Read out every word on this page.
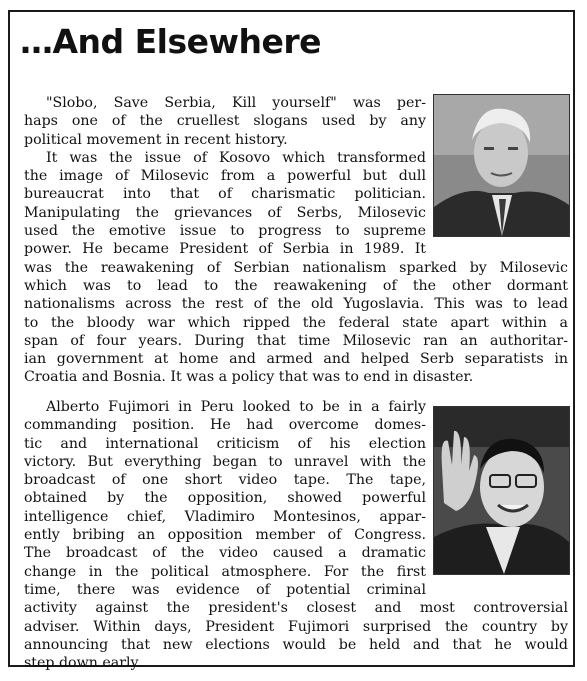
…And Elsewhere
"Slobo, Save Serbia, Kill yourself" was per-
haps one of the cruellest slogans used by any
political movement in recent history.
It was the issue of Kosovo which transformed
the image of Milosevic from a powerful but dull
bureaucrat into that of charismatic politician.
Manipulating the grievances of Serbs, Milosevic
used the emotive issue to progress to supreme
power. He became President of Serbia in 1989. It
was the reawakening of Serbian nationalism sparked by Milosevic
which was to lead to the reawakening of the other dormant
nationalisms across the rest of the old Yugoslavia. This was to lead
to the bloody war which ripped the federal state apart within a
span of four years. During that time Milosevic ran an authoritar-
ian government at home and armed and helped Serb separatists in
Croatia and Bosnia. It was a policy that was to end in disaster.
Alberto Fujimori in Peru looked to be in a fairly
commanding position. He had overcome domes-
tic and international criticism of his election
victory. But everything began to unravel with the
broadcast of one short video tape. The tape,
obtained by the opposition, showed powerful
intelligence chief, Vladimiro Montesinos, appar-
ently bribing an opposition member of Congress.
The broadcast of the video caused a dramatic
change in the political atmosphere. For the first
time, there was evidence of potential criminal
activity against the president's closest and most controversial
adviser. Within days, President Fujimori surprised the country by
announcing that new elections would be held and that he would
step down early.
